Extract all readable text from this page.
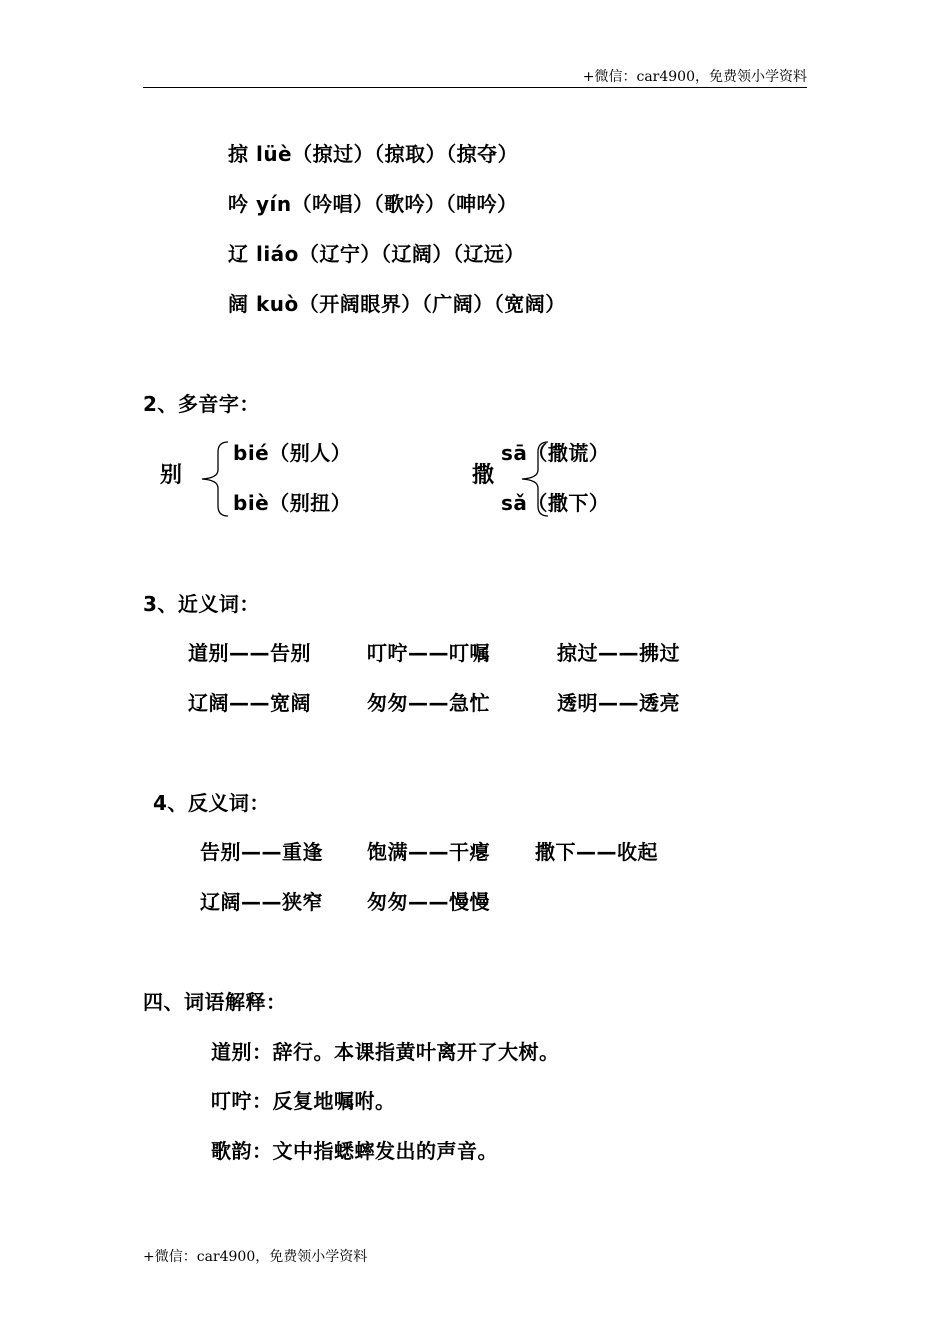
+微信：car4900，免费领小学资料
掠 lüè（掠过）（掠取）（掠夺）
吟 yín（吟唱）（歌吟）（呻吟）
辽 liáo（辽宁）（辽阔）（辽远）
阔 kuò（开阔眼界）（广阔）（宽阔）
2、多音字：
别
bié（别人）
biè（别扭）
撒
sā（撒谎）
sǎ（撒下）
3、近义词：
道别——告别	叮咛——叮嘱	掠过——拂过
辽阔——宽阔	匆匆——急忙	透明——透亮
4、反义词：
告别——重逢 饱满——干瘪 撒下——收起
辽阔——狭窄 匆匆——慢慢
四、词语解释：
道别：辞行。本课指黄叶离开了大树。
叮咛：反复地嘱咐。
歌韵：文中指蟋蟀发出的声音。
+微信：car4900，免费领小学资料
